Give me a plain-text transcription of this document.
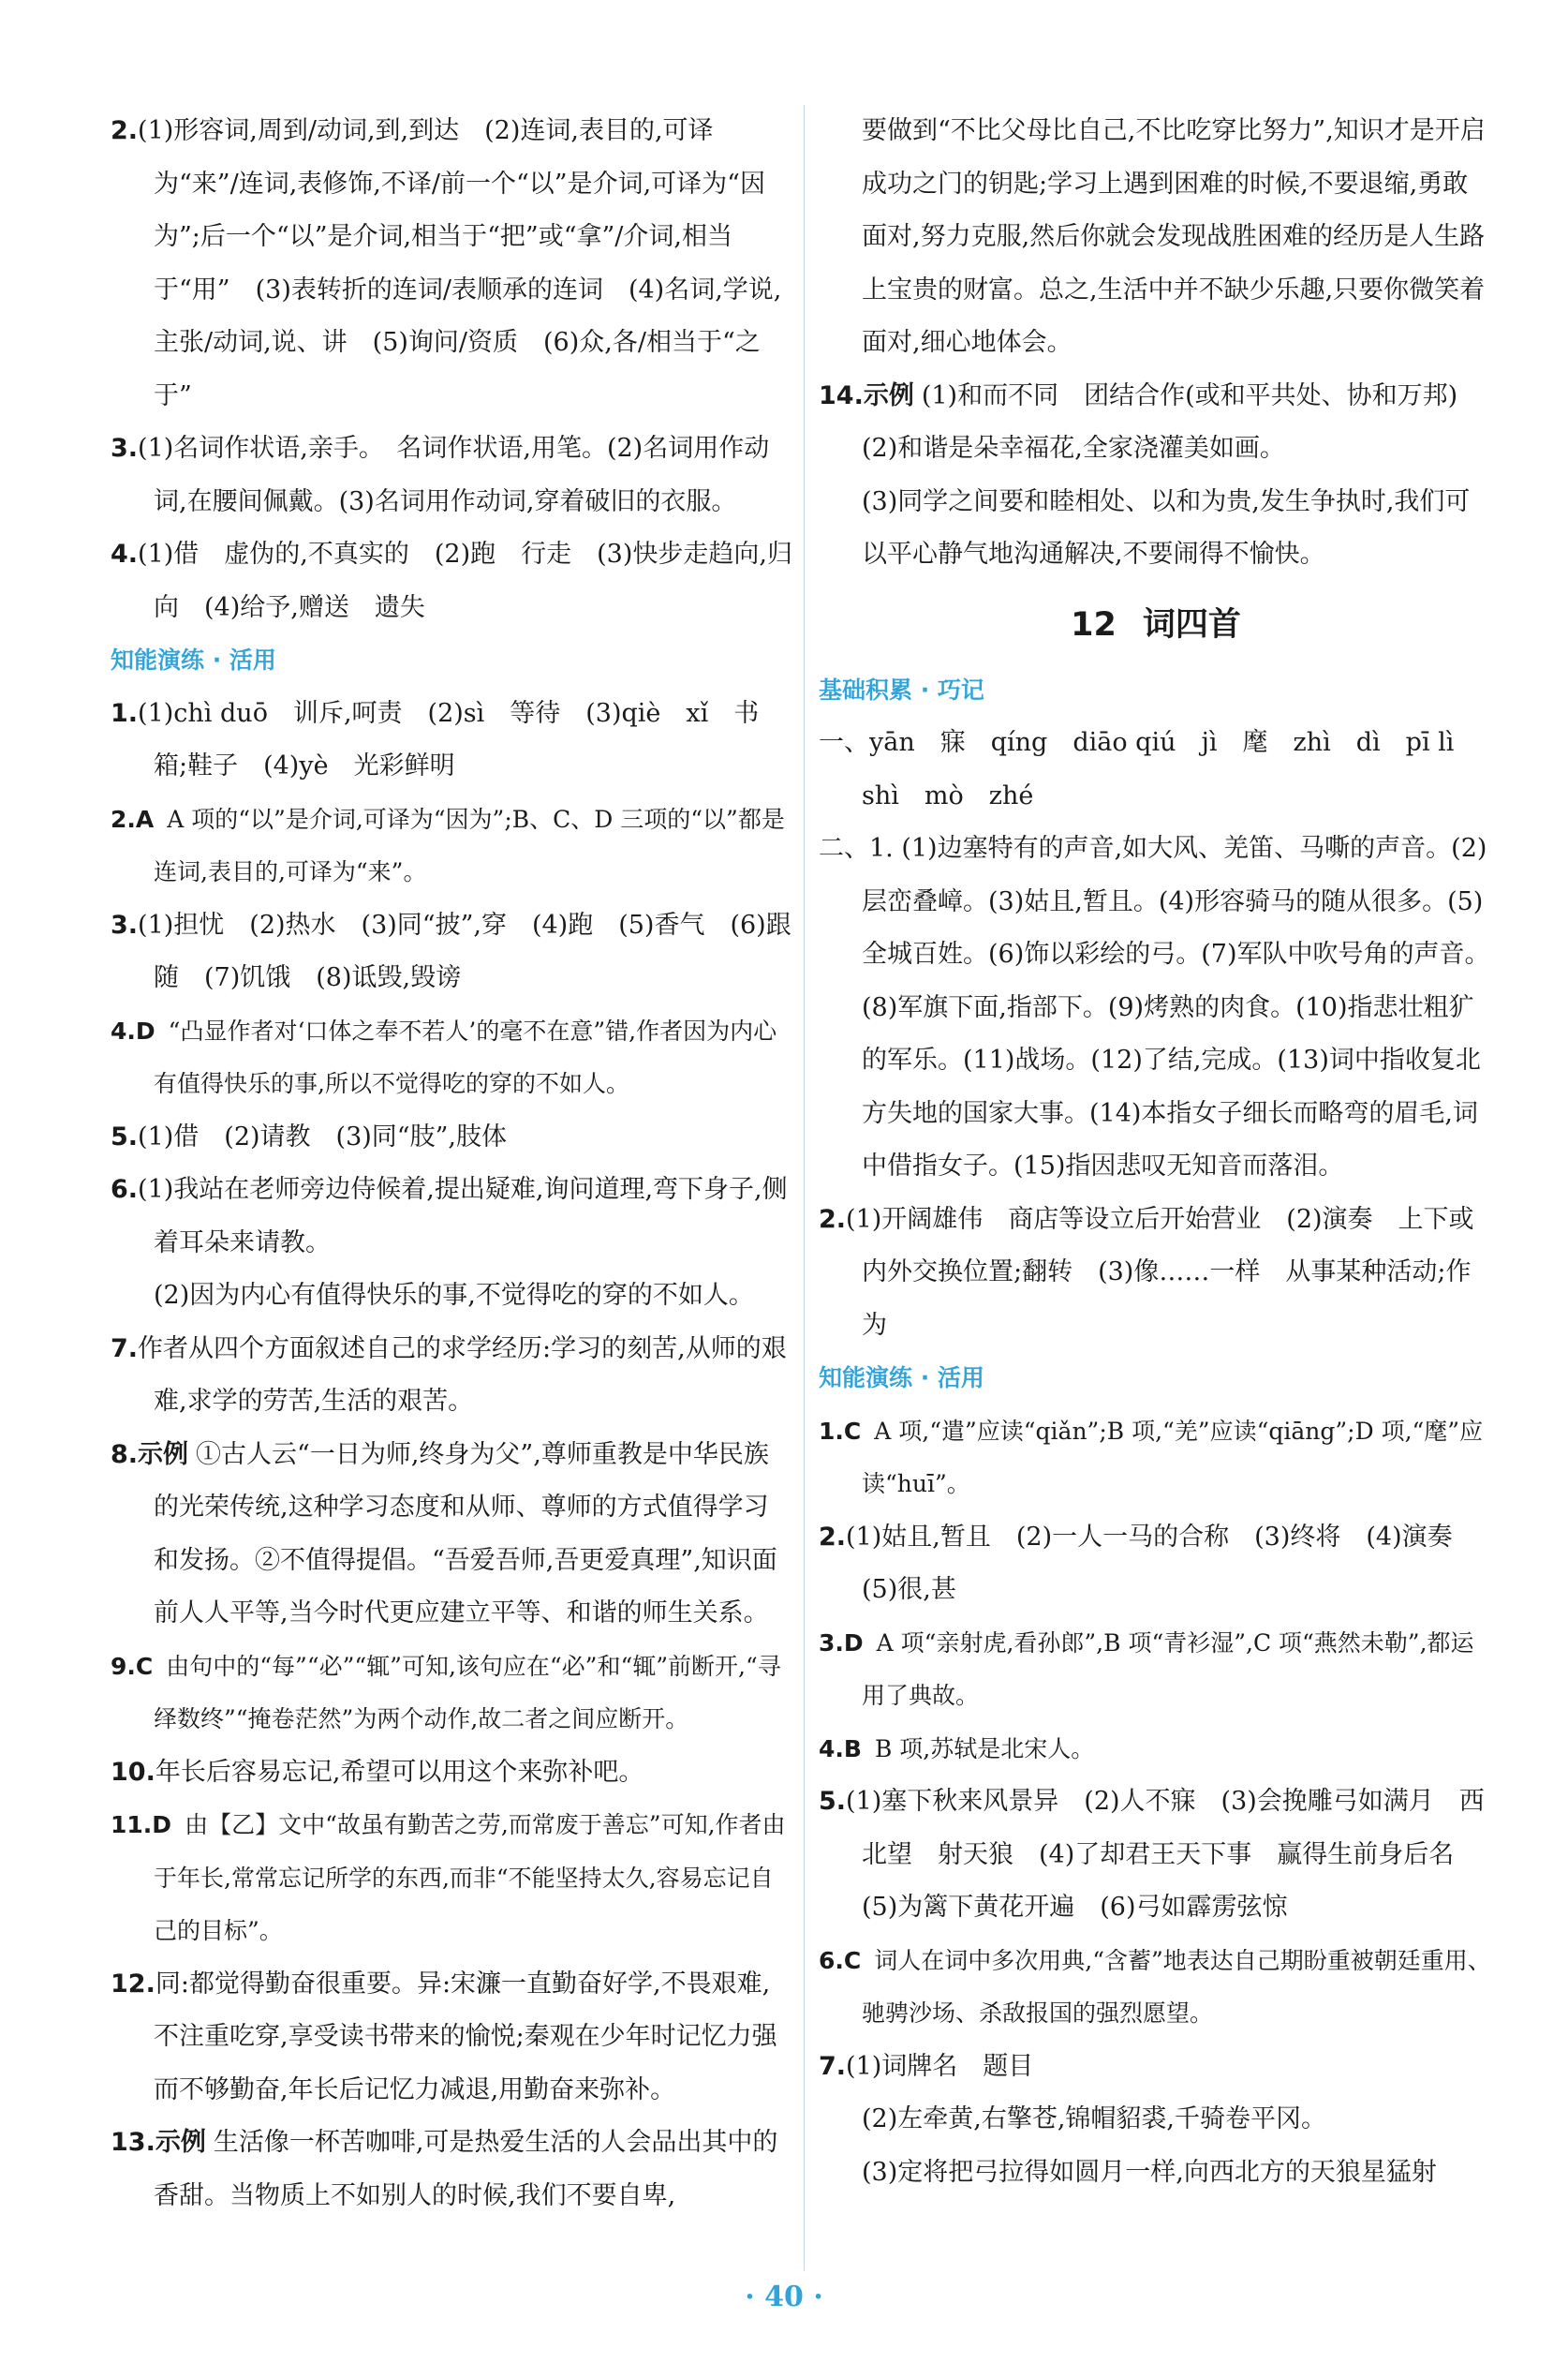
2.(1)形容词,周到/动词,到,到达　(2)连词,表目的,可译为“来”/连词,表修饰,不译/前一个“以”是介词,可译为“因为”;后一个“以”是介词,相当于“把”或“拿”/介词,相当于“用”　(3)表转折的连词/表顺承的连词　(4)名词,学说,主张/动词,说、讲　(5)询问/资质　(6)众,各/相当于“之于”

3.(1)名词作状语,亲手。　名词作状语,用笔。(2)名词用作动词,在腰间佩戴。(3)名词用作动词,穿着破旧的衣服。

4.(1)借　虚伪的,不真实的　(2)跑　行走　(3)快步走趋向,归向　(4)给予,赠送　遗失

知能演练 · 活用

1.(1)chì duō　训斥,呵责　(2)sì　等待　(3)qiè　xǐ　书箱;鞋子　(4)yè　光彩鲜明

2.A A 项的“以”是介词,可译为“因为”;B、C、D 三项的“以”都是连词,表目的,可译为“来”。

3.(1)担忧　(2)热水　(3)同“披”,穿　(4)跑　(5)香气　(6)跟随　(7)饥饿　(8)诋毁,毁谤

4.D “凸显作者对‘口体之奉不若人’的毫不在意”错,作者因为内心有值得快乐的事,所以不觉得吃的穿的不如人。

5.(1)借　(2)请教　(3)同“肢”,肢体

6.(1)我站在老师旁边侍候着,提出疑难,询问道理,弯下身子,侧着耳朵来请教。

(2)因为内心有值得快乐的事,不觉得吃的穿的不如人。

7.作者从四个方面叙述自己的求学经历:学习的刻苦,从师的艰难,求学的劳苦,生活的艰苦。

8.示例 ①古人云“一日为师,终身为父”,尊师重教是中华民族的光荣传统,这种学习态度和从师、尊师的方式值得学习和发扬。②不值得提倡。“吾爱吾师,吾更爱真理”,知识面前人人平等,当今时代更应建立平等、和谐的师生关系。

9.C 由句中的“每”“必”“辄”可知,该句应在“必”和“辄”前断开,“寻绎数终”“掩卷茫然”为两个动作,故二者之间应断开。

10.年长后容易忘记,希望可以用这个来弥补吧。

11.D 由【乙】文中“故虽有勤苦之劳,而常废于善忘”可知,作者由于年长,常常忘记所学的东西,而非“不能坚持太久,容易忘记自己的目标”。

12.同:都觉得勤奋很重要。异:宋濂一直勤奋好学,不畏艰难,不注重吃穿,享受读书带来的愉悦;秦观在少年时记忆力强而不够勤奋,年长后记忆力减退,用勤奋来弥补。

13.示例 生活像一杯苦咖啡,可是热爱生活的人会品出其中的香甜。当物质上不如别人的时候,我们不要自卑,

要做到“不比父母比自己,不比吃穿比努力”,知识才是开启成功之门的钥匙;学习上遇到困难的时候,不要退缩,勇敢面对,努力克服,然后你就会发现战胜困难的经历是人生路上宝贵的财富。总之,生活中并不缺少乐趣,只要你微笑着面对,细心地体会。

14.示例 (1)和而不同　团结合作(或和平共处、协和万邦)

(2)和谐是朵幸福花,全家浇灌美如画。

(3)同学之间要和睦相处、以和为贵,发生争执时,我们可以平心静气地沟通解决,不要闹得不愉快。

12 词四首

基础积累 · 巧记

一、yān　寐　qíng　diāo qiú　jì　麾　zhì　dì　pī lì　shì　mò　zhé

二、1. (1)边塞特有的声音,如大风、羌笛、马嘶的声音。(2)层峦叠嶂。(3)姑且,暂且。(4)形容骑马的随从很多。(5)全城百姓。(6)饰以彩绘的弓。(7)军队中吹号角的声音。(8)军旗下面,指部下。(9)烤熟的肉食。(10)指悲壮粗犷的军乐。(11)战场。(12)了结,完成。(13)词中指收复北方失地的国家大事。(14)本指女子细长而略弯的眉毛,词中借指女子。(15)指因悲叹无知音而落泪。

2.(1)开阔雄伟　商店等设立后开始营业　(2)演奏　上下或内外交换位置;翻转　(3)像……一样　从事某种活动;作为

知能演练 · 活用

1.C A 项,“遣”应读“qiǎn”;B 项,“羌”应读“qiāng”;D 项,“麾”应读“huī”。

2.(1)姑且,暂且　(2)一人一马的合称　(3)终将　(4)演奏　(5)很,甚

3.D A 项“亲射虎,看孙郎”,B 项“青衫湿”,C 项“燕然未勒”,都运用了典故。

4.B B 项,苏轼是北宋人。

5.(1)塞下秋来风景异　(2)人不寐　(3)会挽雕弓如满月　西北望　射天狼　(4)了却君王天下事　赢得生前身后名　(5)为篱下黄花开遍　(6)弓如霹雳弦惊

6.C 词人在词中多次用典,“含蓄”地表达自己期盼重被朝廷重用、驰骋沙场、杀敌报国的强烈愿望。

7.(1)词牌名　题目

(2)左牵黄,右擎苍,锦帽貂裘,千骑卷平冈。

(3)定将把弓拉得如圆月一样,向西北方的天狼星猛射

· 40 ·
